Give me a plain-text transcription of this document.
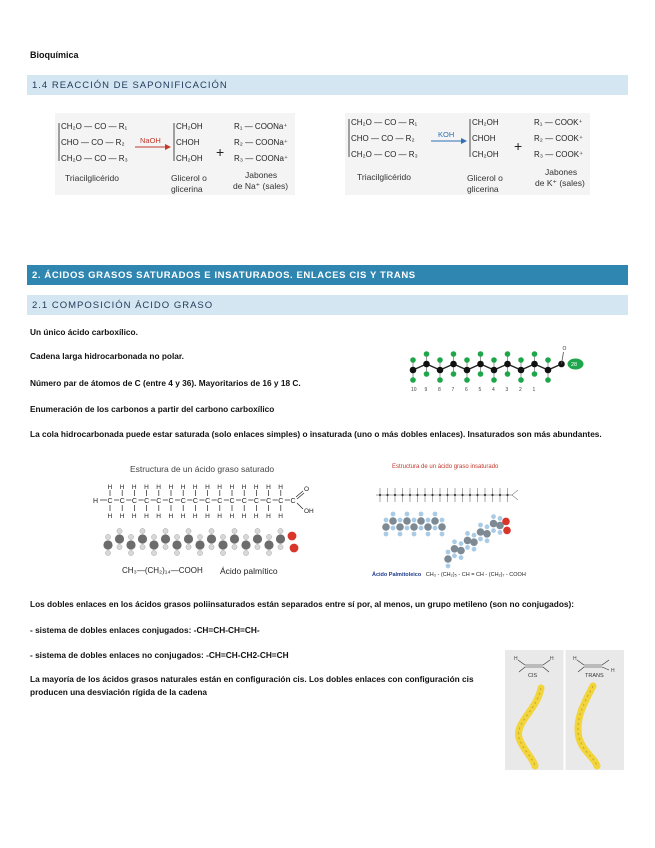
Bioquímica
1.4 REACCIÓN DE SAPONIFICACIÓN
CH₂O — CO — R₁
CHO — CO — R₂
CH₂O — CO — R₃
NaOH
CH₂OH
CHOH
CH₂OH +
R₁ — COONa⁺
R₂ — COONa⁺
R₃ — COONa⁺
Triacilglicérido	Glicerol o
glicerina
Jabones
de Na⁺ (sales)
CH₂O — CO — R₁
CHO — CO — R₂
CH₂O — CO — R₃
KOH
CH₂OH
CHOH
CH₂OH
+
R₁ — COOK⁺
R₂ — COOK⁺
R₃ — COOK⁺
Triacilglicérido	Glicerol o
glicerina
Jabones
de K⁺ (sales)
2. ÁCIDOS GRASOS SATURADOS E INSATURADOS. ENLACES CIS Y TRANS
2.1 COMPOSICIÓN ÁCIDO GRASO
Un único ácido carboxílico.
Cadena larga hidrocarbonada no polar.
Número par de átomos de C (entre 4 y 36). Mayoritarios de 16 y 18 C.
Enumeración de los carbonos a partir del carbono carboxílico
La cola hidrocarbonada puede estar saturada (solo enlaces simples) o insaturada (uno o más dobles enlaces). Insaturados son más abundantes.
O
28
10 9 8 7 6 5 4 3 2 1
Estructura de un ácido graso saturado
H C
H
H
C
H
H
C
H
H
C
H
H
C
H
H
C
H
H
C
H
H
C
H
H
C
H
H
C
H
H
C
H
H
C
H
H
C
H
H
C
H
H
C
H
H
C
O
OH
CH₃—(CH₂)₁₄—COOH Ácido palmítico
Estructura de un ácido graso insaturado
Ácido Palmitoleico CH₃ - (CH₂)₅ - CH = CH - (CH₂)₇ - COOH
Los dobles enlaces en los ácidos grasos poliinsaturados están separados entre sí por, al menos, un grupo metileno (son no conjugados):
- sistema de dobles enlaces conjugados: -CH=CH-CH=CH-
- sistema de dobles enlaces no conjugados: -CH=CH-CH2-CH=CH
La mayoría de los ácidos grasos naturales están en configuración cis. Los dobles enlaces con configuración cis producen una desviación rígida de la cadena
H	H
CIS
H
H
TRANS
